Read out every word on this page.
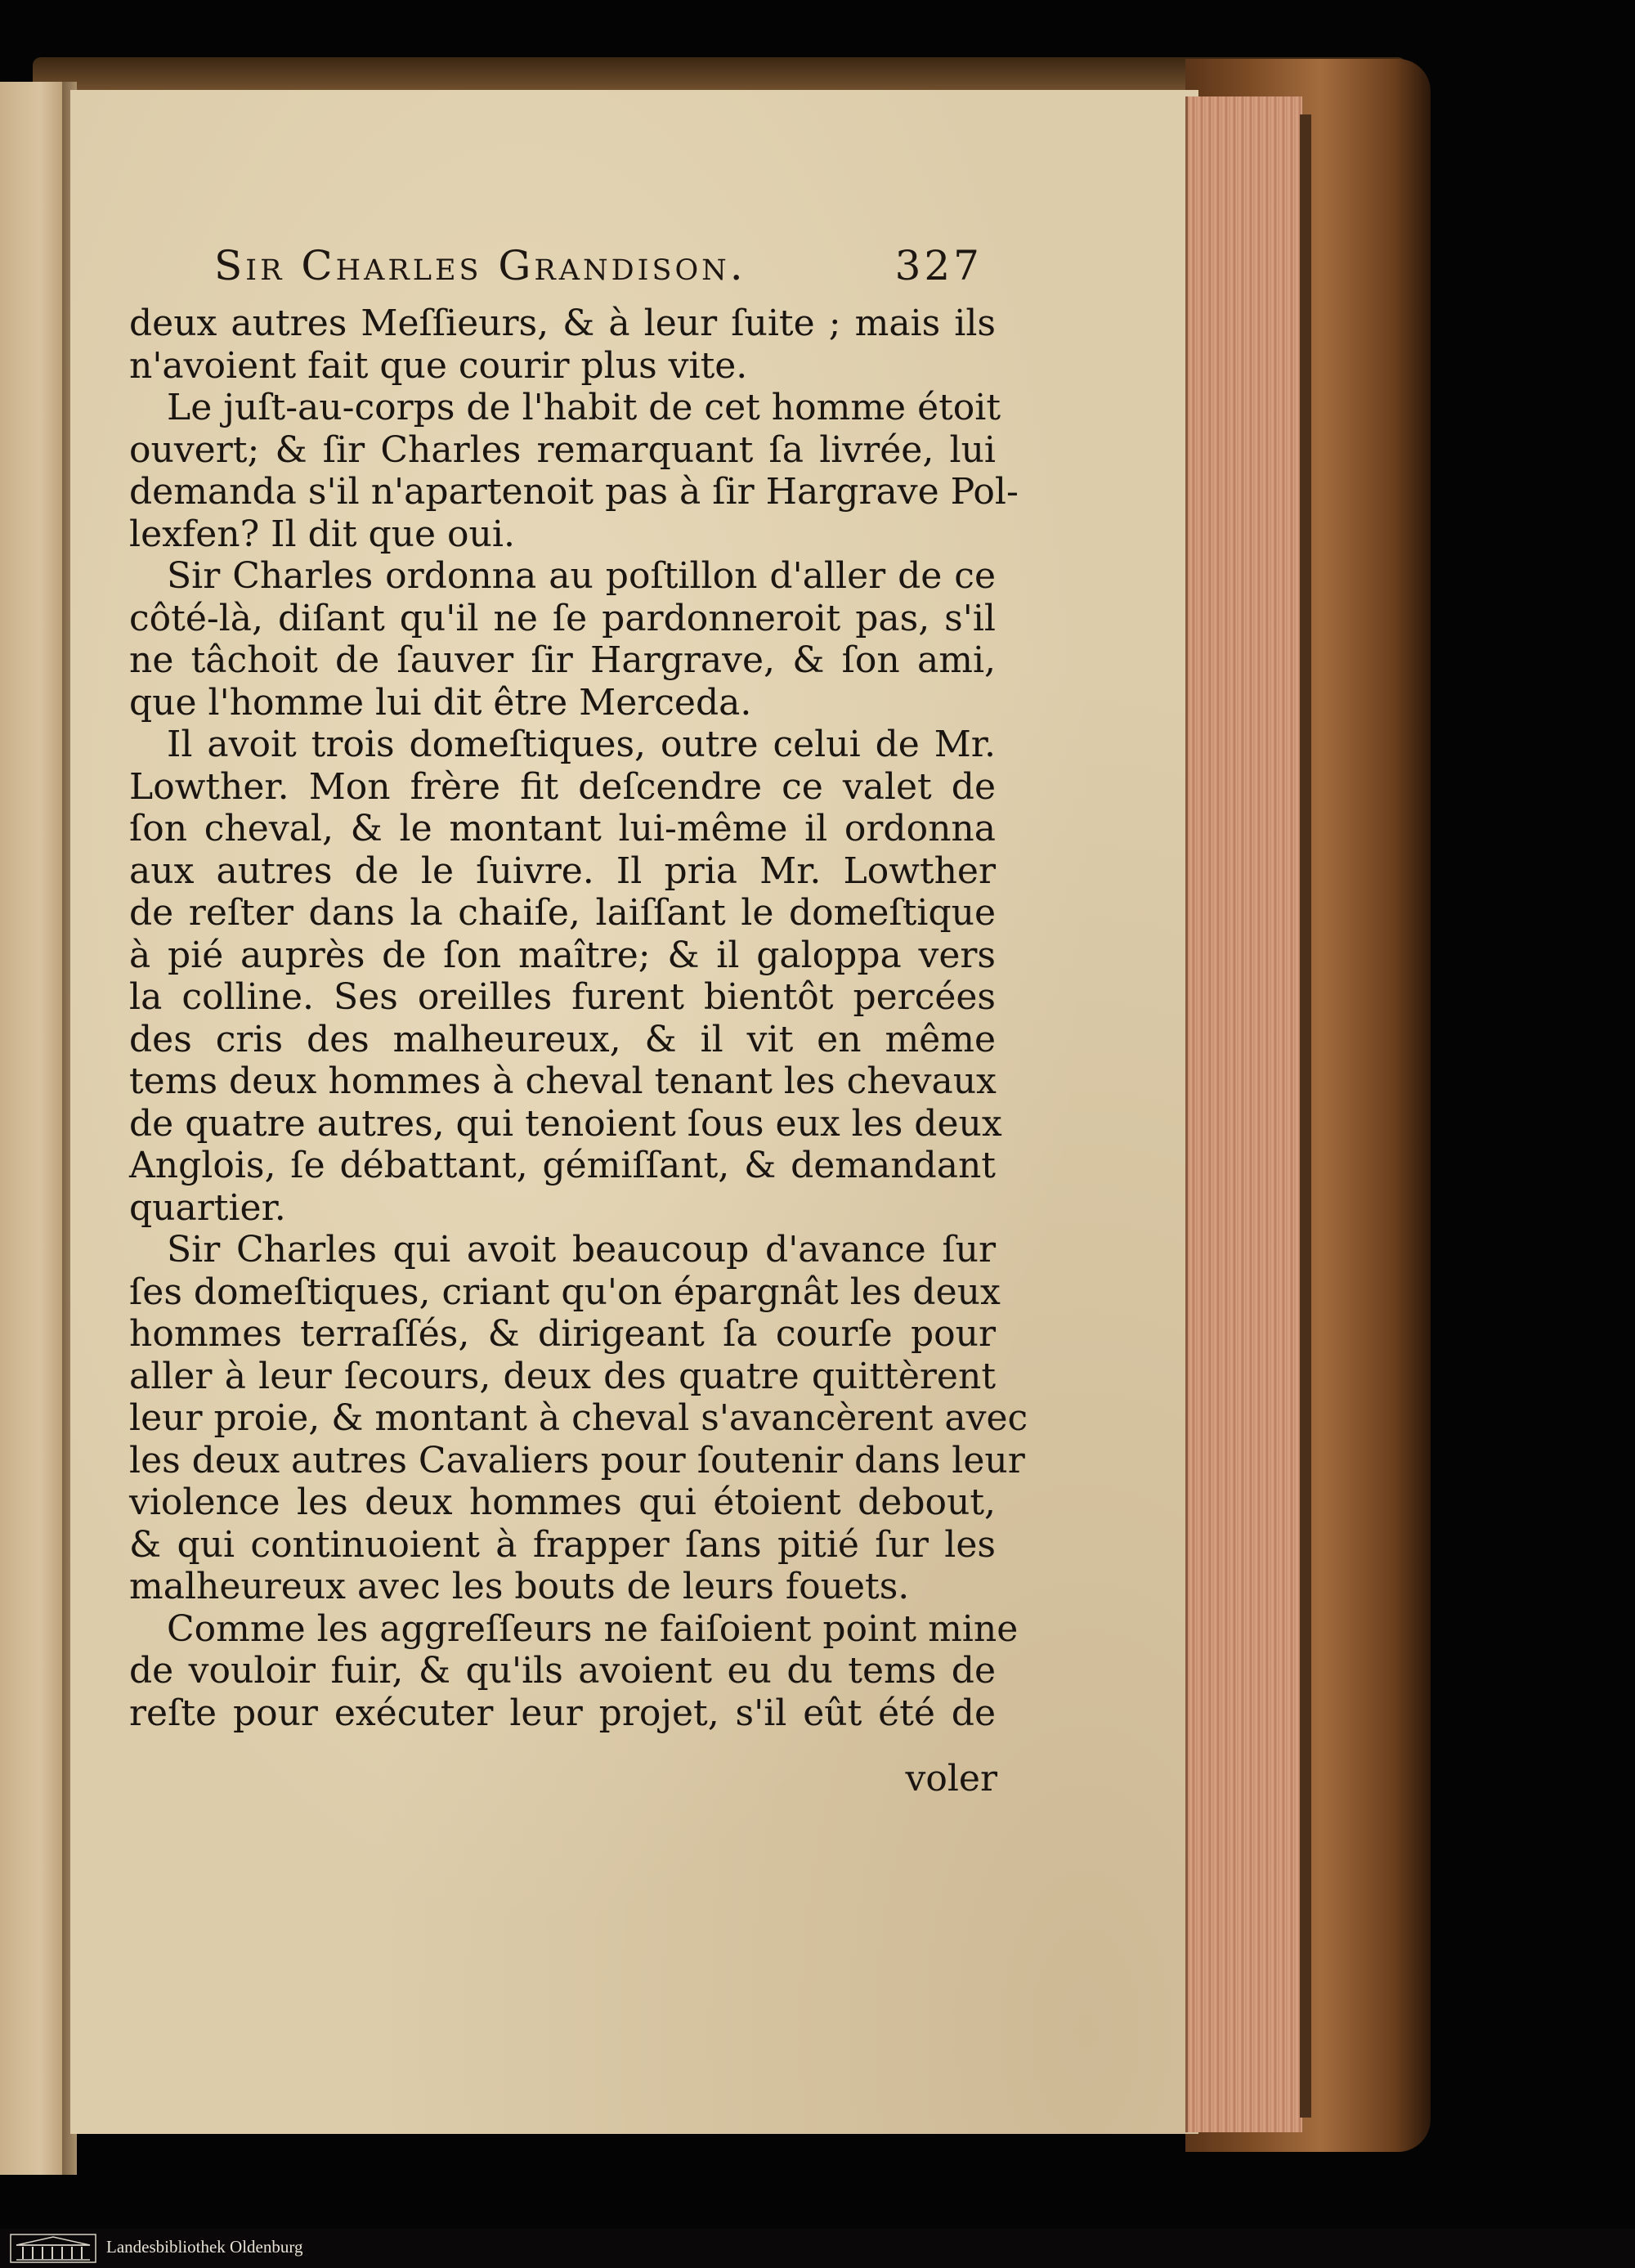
Sir Charles Grandison.	327
deux autres Meſſieurs, & à leur ſuite ; mais ils
n'avoient fait que courir plus vite.
Le juſt-au-corps de l'habit de cet homme étoit
ouvert; & ſir Charles remarquant ſa livrée, lui
demanda s'il n'apartenoit pas à ſir Hargrave Pol-
lexfen? Il dit que oui.
Sir Charles ordonna au poſtillon d'aller de ce
côté-là, diſant qu'il ne ſe pardonneroit pas, s'il
ne tâchoit de ſauver ſir Hargrave, & ſon ami,
que l'homme lui dit être Merceda.
Il avoit trois domeſtiques, outre celui de Mr.
Lowther. Mon frère fit deſcendre ce valet de
ſon cheval, & le montant lui-même il ordonna
aux autres de le ſuivre. Il pria Mr. Lowther
de reſter dans la chaiſe, laiſſant le domeſtique
à pié auprès de ſon maître; & il galoppa vers
la colline. Ses oreilles furent bientôt percées
des cris des malheureux, & il vit en même
tems deux hommes à cheval tenant les chevaux
de quatre autres, qui tenoient ſous eux les deux
Anglois, ſe débattant, gémiſſant, & demandant
quartier.
Sir Charles qui avoit beaucoup d'avance ſur
ſes domeſtiques, criant qu'on épargnât les deux
hommes terraſſés, & dirigeant ſa courſe pour
aller à leur ſecours, deux des quatre quittèrent
leur proie, & montant à cheval s'avancèrent avec
les deux autres Cavaliers pour ſoutenir dans leur
violence les deux hommes qui étoient debout,
& qui continuoient à frapper ſans pitié ſur les
malheureux avec les bouts de leurs fouets.
Comme les aggreſſeurs ne faiſoient point mine
de vouloir fuir, & qu'ils avoient eu du tems de
reſte pour exécuter leur projet, s'il eût été de
voler
Landesbibliothek Oldenburg
